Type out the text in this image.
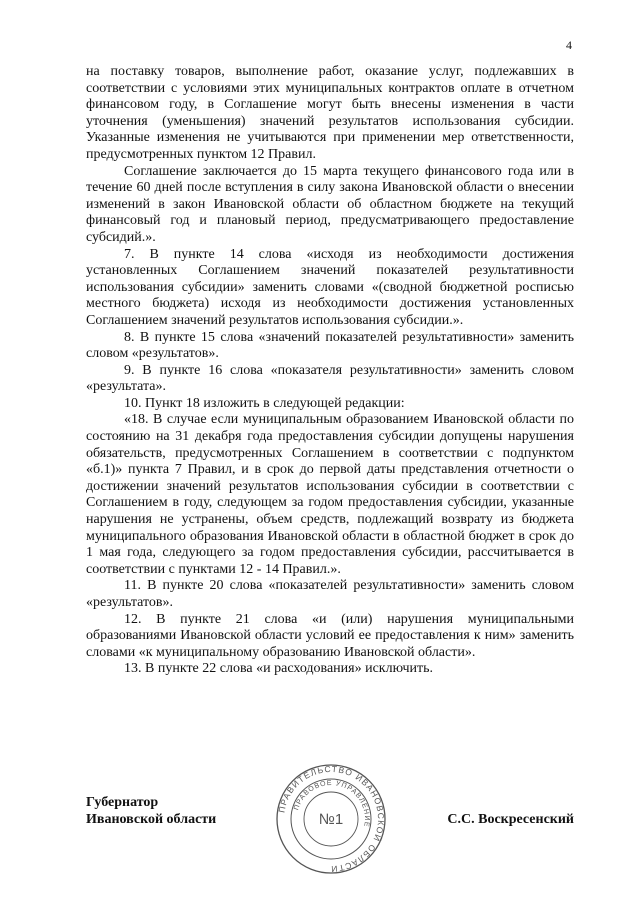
4

на поставку товаров, выполнение работ, оказание услуг, подлежавших в соответствии с условиями этих муниципальных контрактов оплате в отчетном финансовом году, в Соглашение могут быть внесены изменения в части уточнения (уменьшения) значений результатов использования субсидии. Указанные изменения не учитываются при применении мер ответственности, предусмотренных пунктом 12 Правил.

Соглашение заключается до 15 марта текущего финансового года или в течение 60 дней после вступления в силу закона Ивановской области о внесении изменений в закон Ивановской области об областном бюджете на текущий финансовый год и плановый период, предусматривающего предоставление субсидий.».

7. В пункте 14 слова «исходя из необходимости достижения установленных Соглашением значений показателей результативности использования субсидии» заменить словами «(сводной бюджетной росписью местного бюджета) исходя из необходимости достижения установленных Соглашением значений результатов использования субсидии.».

8. В пункте 15 слова «значений показателей результативности» заменить словом «результатов».

9. В пункте 16 слова «показателя результативности» заменить словом «результата».

10. Пункт 18 изложить в следующей редакции:

«18. В случае если муниципальным образованием Ивановской области по состоянию на 31 декабря года предоставления субсидии допущены нарушения обязательств, предусмотренных Соглашением в соответствии с подпунктом «б.1)» пункта 7 Правил, и в срок до первой даты представления отчетности о достижении значений результатов использования субсидии в соответствии с Соглашением в году, следующем за годом предоставления субсидии, указанные нарушения не устранены, объем средств, подлежащий возврату из бюджета муниципального образования Ивановской области в областной бюджет в срок до 1 мая года, следующего за годом предоставления субсидии, рассчитывается в соответствии с пунктами 12 - 14 Правил.».

11. В пункте 20 слова «показателей результативности» заменить словом «результатов».

12. В пункте 21 слова «и (или) нарушения муниципальными образованиями Ивановской области условий ее предоставления к ним» заменить словами «к муниципальному образованию Ивановской области».

13. В пункте 22 слова «и расходования» исключить.

Губернатор
Ивановской области
ПРАВИТЕЛЬСТВО ИВАНОВСКОЙ ОБЛАСТИ
ПРАВОВОЕ УПРАВЛЕНИЕ
№1	С.С. Воскресенский
